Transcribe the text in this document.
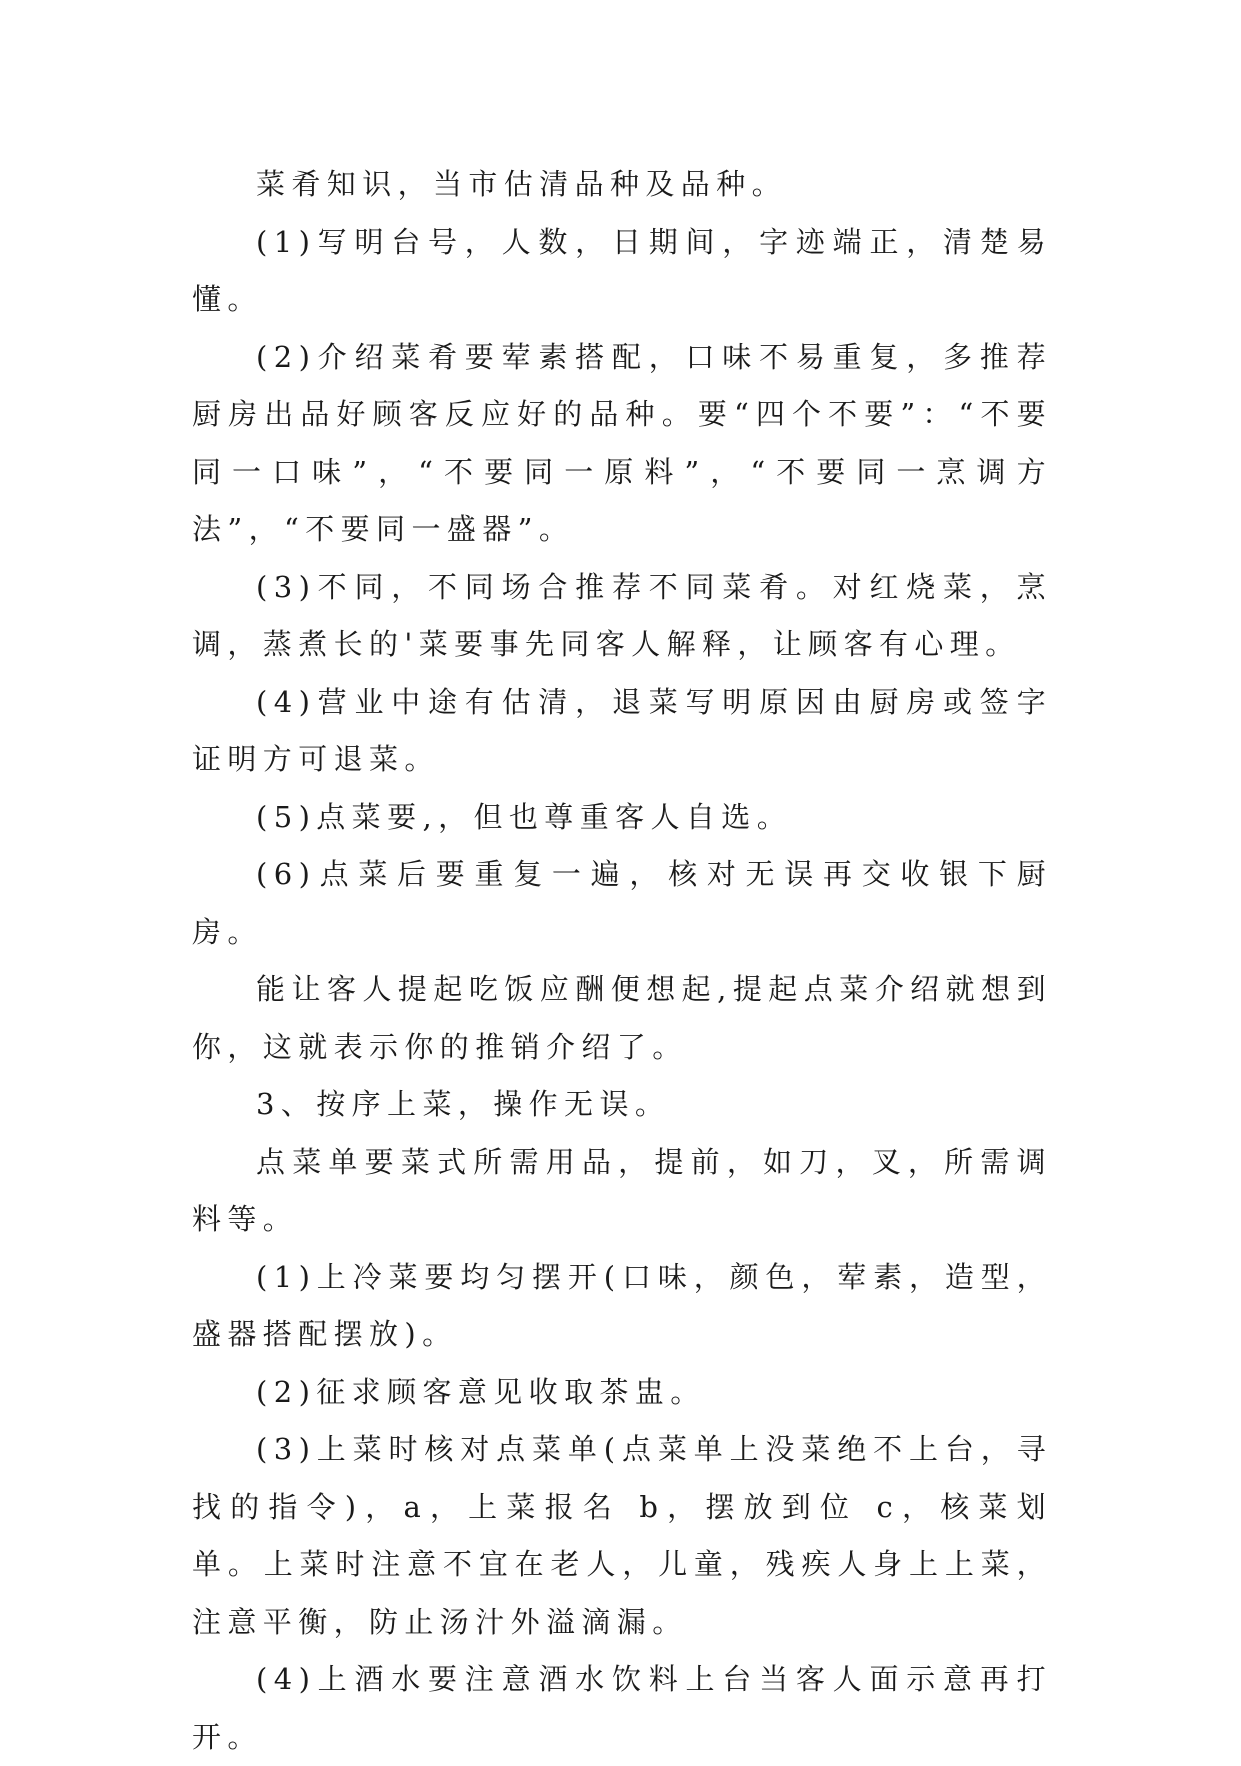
菜肴知识，当市估清品种及品种。

(1)写明台号，人数，日期间，字迹端正，清楚易懂。

(2)介绍菜肴要荤素搭配，口味不易重复，多推荐厨房出品好顾客反应好的品种。要“四个不要”：“不要同一口味”，“不要同一原料”，“不要同一烹调方法”，“不要同一盛器”。

(3)不同，不同场合推荐不同菜肴。对红烧菜，烹调，蒸煮长的'菜要事先同客人解释，让顾客有心理。

(4)营业中途有估清，退菜写明原因由厨房或签字证明方可退菜。

(5)点菜要,，但也尊重客人自选。

(6)点菜后要重复一遍，核对无误再交收银下厨房。

能让客人提起吃饭应酬便想起,提起点菜介绍就想到你，这就表示你的推销介绍了。

3、按序上菜，操作无误。

点菜单要菜式所需用品，提前，如刀，叉，所需调料等。

(1)上冷菜要均匀摆开(口味，颜色，荤素，造型，盛器搭配摆放)。

(2)征求顾客意见收取茶盅。

(3)上菜时核对点菜单(点菜单上没菜绝不上台，寻找的指令)，a，上菜报名 b，摆放到位 c，核菜划单。上菜时注意不宜在老人，儿童，残疾人身上上菜，注意平衡，防止汤汁外溢滴漏。

(4)上酒水要注意酒水饮料上台当客人面示意再打开。
